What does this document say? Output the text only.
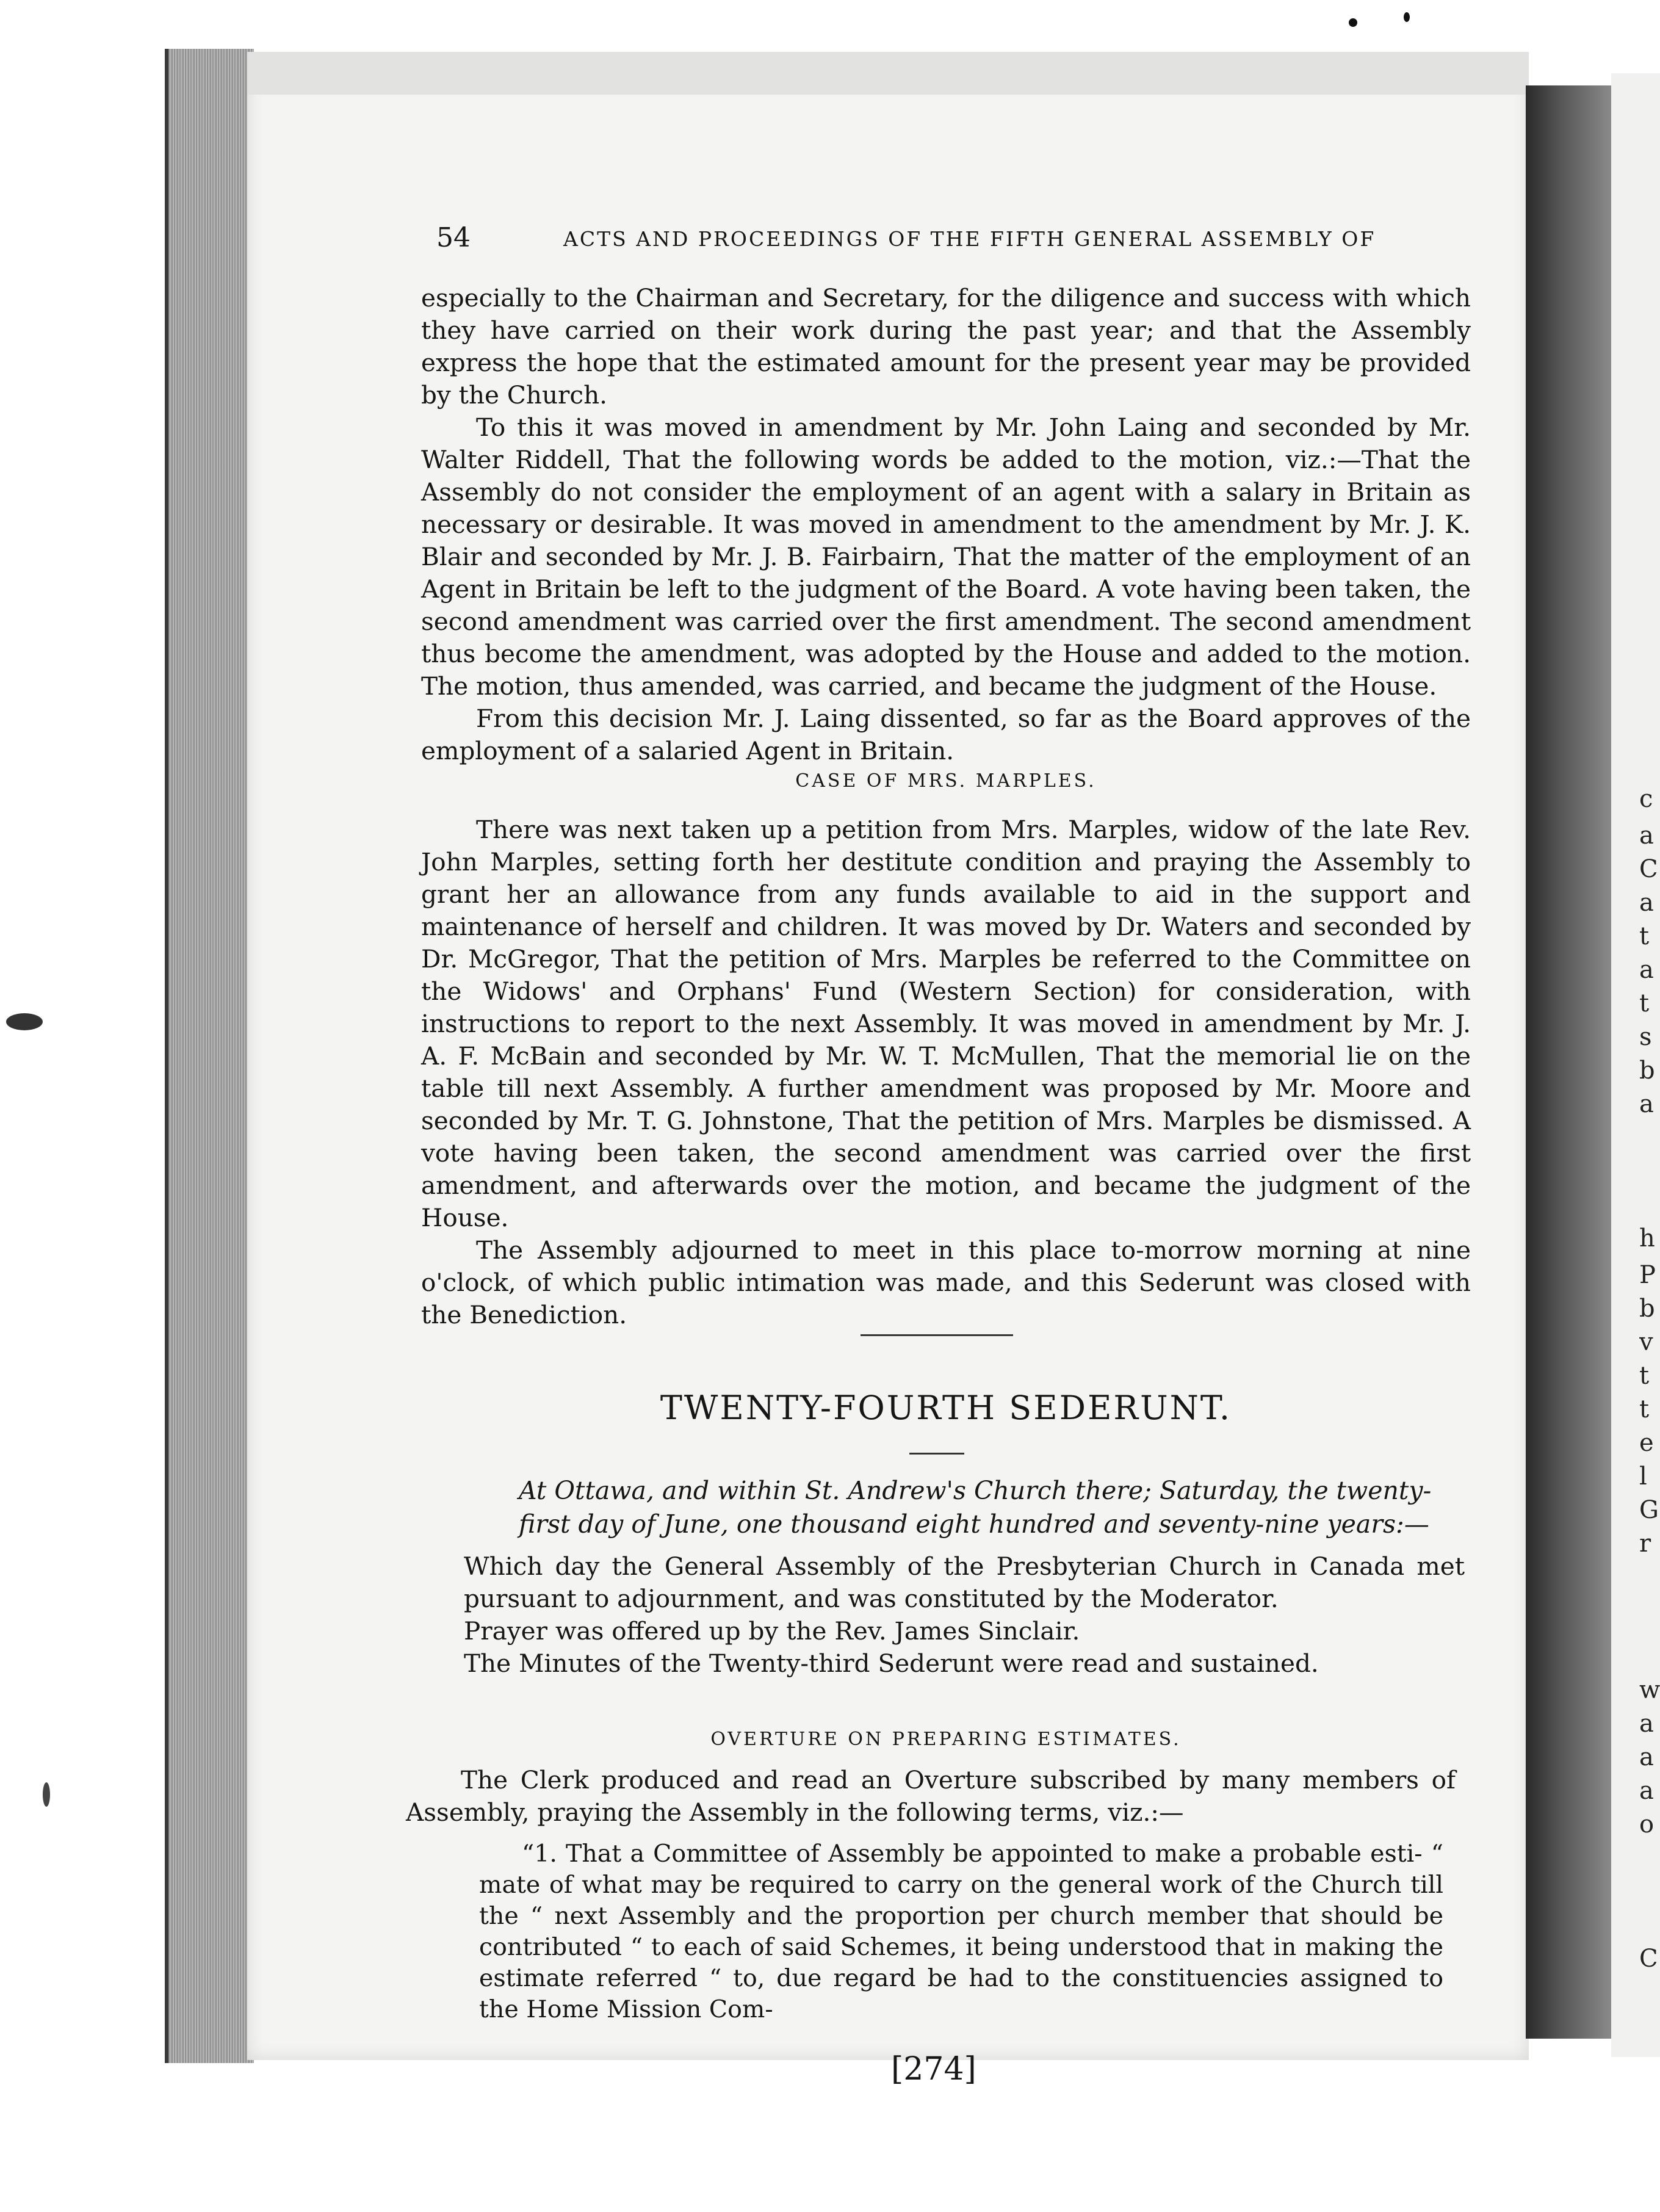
c
a
C
a
t
a
t
s
b
a
h
P
b
v
t
t
e
l
G
r
w
a
a
a
o
C
54	ACTS AND PROCEEDINGS OF THE FIFTH GENERAL ASSEMBLY OF

especially to the Chairman and Secretary, for the diligence and success with which they have carried on their work during the past year; and that the Assembly express the hope that the estimated amount for the present year may be provided by the Church.

To this it was moved in amendment by Mr. John Laing and seconded by Mr. Walter Riddell, That the following words be added to the motion, viz.:—That the Assembly do not consider the employment of an agent with a salary in Britain as necessary or desirable. It was moved in amendment to the amendment by Mr. J. K. Blair and seconded by Mr. J. B. Fairbairn, That the matter of the employment of an Agent in Britain be left to the judgment of the Board. A vote having been taken, the second amendment was carried over the first amendment. The second amendment thus become the amendment, was adopted by the House and added to the motion. The motion, thus amended, was carried, and became the judgment of the House.

From this decision Mr. J. Laing dissented, so far as the Board approves of the employment of a salaried Agent in Britain.

CASE OF MRS. MARPLES.

There was next taken up a petition from Mrs. Marples, widow of the late Rev. John Marples, setting forth her destitute condition and praying the Assembly to grant her an allowance from any funds available to aid in the support and maintenance of herself and children. It was moved by Dr. Waters and seconded by Dr. McGregor, That the petition of Mrs. Marples be referred to the Committee on the Widows' and Orphans' Fund (Western Section) for consideration, with instructions to report to the next Assembly. It was moved in amendment by Mr. J. A. F. McBain and seconded by Mr. W. T. McMullen, That the memorial lie on the table till next Assembly. A further amendment was proposed by Mr. Moore and seconded by Mr. T. G. Johnstone, That the petition of Mrs. Marples be dismissed. A vote having been taken, the second amendment was carried over the first amendment, and afterwards over the motion, and became the judgment of the House.

The Assembly adjourned to meet in this place to-morrow morning at nine o'clock, of which public intimation was made, and this Sederunt was closed with the Benediction.

TWENTY-FOURTH SEDERUNT.

At Ottawa, and within St. Andrew's Church there; Saturday, the twenty-first day of June, one thousand eight hundred and seventy-nine years:—

Which day the General Assembly of the Presbyterian Church in Canada met pursuant to adjournment, and was constituted by the Moderator.

Prayer was offered up by the Rev. James Sinclair.

The Minutes of the Twenty-third Sederunt were read and sustained.

OVERTURE ON PREPARING ESTIMATES.

The Clerk produced and read an Overture subscribed by many members of Assembly, praying the Assembly in the following terms, viz.:—

“1. That a Committee of Assembly be appointed to make a probable esti- “ mate of what may be required to carry on the general work of the Church till the “ next Assembly and the proportion per church member that should be contributed “ to each of said Schemes, it being understood that in making the estimate referred “ to, due regard be had to the constituencies assigned to the Home Mission Com-

[274]
